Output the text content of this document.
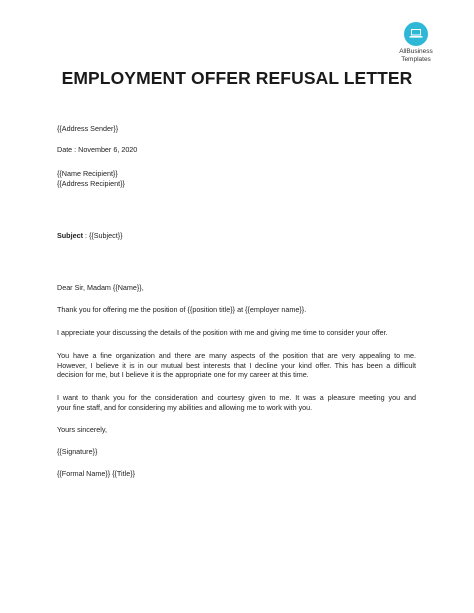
AllBusiness
Templates
EMPLOYMENT OFFER REFUSAL LETTER
{{Address Sender}}
Date : November 6, 2020
{{Name Recipient}}
{{Address Recipient}}
Subject : {{Subject}}
Dear Sir, Madam {{Name}},
Thank you for offering me the position of {{position title}} at {{employer name}}.
I appreciate your discussing the details of the position with me and giving me time to consider your offer.
You have a fine organization and there are many aspects of the position that are very appealing to me.
However, I believe it is in our mutual best interests that I decline your kind offer. This has been a difficult
decision for me, but I believe it is the appropriate one for my career at this time.
I want to thank you for the consideration and courtesy given to me. It was a pleasure meeting you and
your fine staff, and for considering my abilities and allowing me to work with you.
Yours sincerely,
{{Signature}}
{{Formal Name}} {{Title}}
